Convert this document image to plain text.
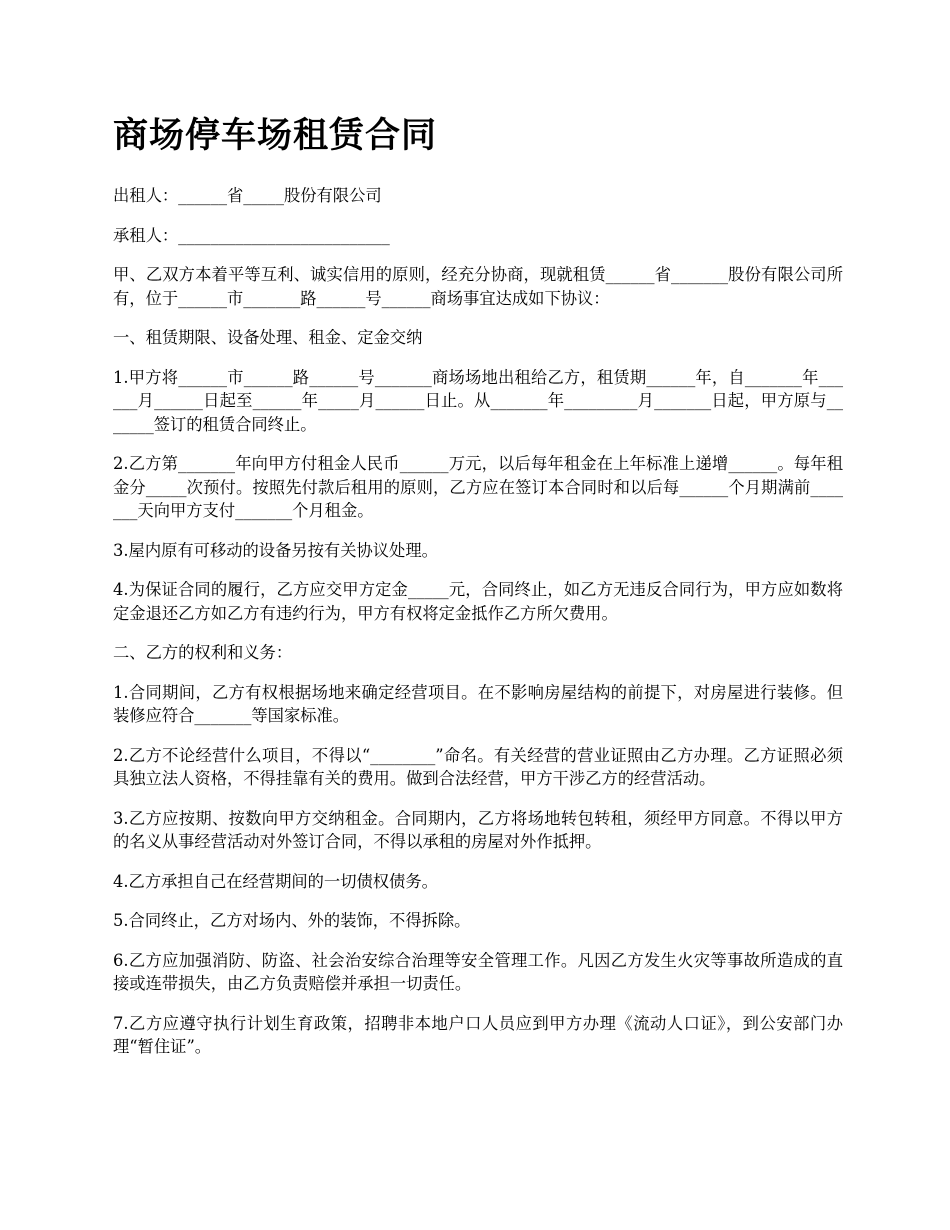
商场停车场租赁合同

出租人：______省_____股份有限公司

承租人：__________________________

甲、乙双方本着平等互利、诚实信用的原则，经充分协商，现就租赁______省_______股份有限公司所有，位于______市_______路______号______商场事宜达成如下协议：

一、租赁期限、设备处理、租金、定金交纳

1.甲方将______市______路______号_______商场场地出租给乙方，租赁期______年，自_______年______月______日起至______年_____月______日止。从_______年_________月_______日起，甲方原与_______签订的租赁合同终止。

2.乙方第_______年向甲方付租金人民币______万元，以后每年租金在上年标准上递增______。每年租金分_____次预付。按照先付款后租用的原则，乙方应在签订本合同时和以后每______个月期满前_______天向甲方支付_______个月租金。

3.屋内原有可移动的设备另按有关协议处理。

4.为保证合同的履行，乙方应交甲方定金_____元，合同终止，如乙方无违反合同行为，甲方应如数将定金退还乙方如乙方有违约行为，甲方有权将定金抵作乙方所欠费用。

二、乙方的权利和义务：

1.合同期间，乙方有权根据场地来确定经营项目。在不影响房屋结构的前提下，对房屋进行装修。但装修应符合_______等国家标准。

2.乙方不论经营什么项目，不得以“________”命名。有关经营的营业证照由乙方办理。乙方证照必须具独立法人资格，不得挂靠有关的费用。做到合法经营，甲方干涉乙方的经营活动。

3.乙方应按期、按数向甲方交纳租金。合同期内，乙方将场地转包转租，须经甲方同意。不得以甲方的名义从事经营活动对外签订合同，不得以承租的房屋对外作抵押。

4.乙方承担自己在经营期间的一切债权债务。

5.合同终止，乙方对场内、外的装饰，不得拆除。

6.乙方应加强消防、防盗、社会治安综合治理等安全管理工作。凡因乙方发生火灾等事故所造成的直接或连带损失，由乙方负责赔偿并承担一切责任。

7.乙方应遵守执行计划生育政策，招聘非本地户口人员应到甲方办理《流动人口证》，到公安部门办理“暂住证”。
